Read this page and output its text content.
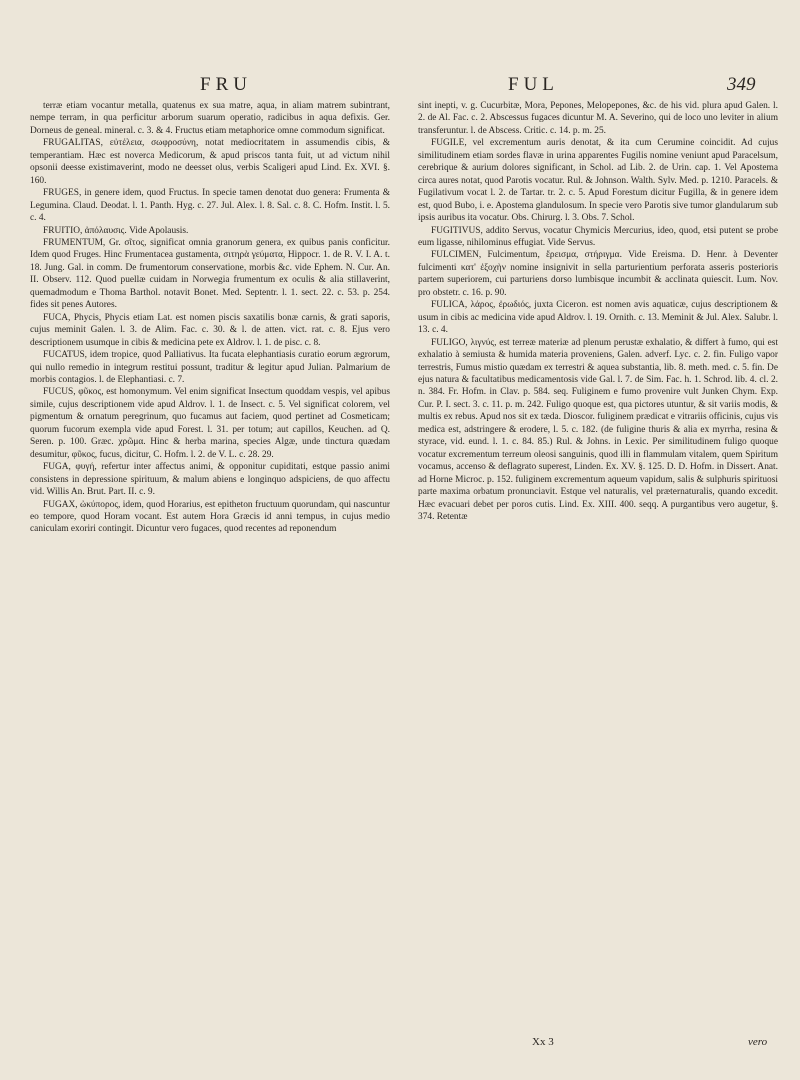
FRU	FUL	349

terræ etiam vocantur metalla, quatenus ex sua matre, aqua, in aliam matrem subintrant, nempe terram, in qua perficitur arborum suarum operatio, radicibus in aqua defixis. Ger. Dorneus de geneal. mineral. c. 3. & 4. Fructus etiam metaphorice omne commodum significat.

FRUGALITAS, εὐτέλεια, σωφροσύνη, notat mediocritatem in assumendis cibis, & temperantiam. Hæc est noverca Medicorum, & apud priscos tanta fuit, ut ad victum nihil opsonii deesse existimaverint, modo ne deesset olus, verbis Scaligeri apud Lind. Ex. XVI. §. 160.

FRUGES, in genere idem, quod Fructus. In specie tamen denotat duo genera: Frumenta & Legumina. Claud. Deodat. l. 1. Panth. Hyg. c. 27. Jul. Alex. l. 8. Sal. c. 8. C. Hofm. Instit. l. 5. c. 4.

FRUITIO, ἀπόλαυσις. Vide Apolausis.

FRUMENTUM, Gr. σῖτος, significat omnia granorum genera, ex quibus panis conficitur. Idem quod Fruges. Hinc Frumentacea gustamenta, σιτηρὰ γεύματα, Hippocr. 1. de R. V. I. A. t. 18. Jung. Gal. in comm. De frumentorum conservatione, morbis &c. vide Ephem. N. Cur. An. II. Observ. 112. Quod puellæ cuidam in Norwegia frumentum ex oculis & alia stillaverint, quemadmodum e Thoma Barthol. notavit Bonet. Med. Septentr. l. 1. sect. 22. c. 53. p. 254. fides sit penes Autores.

FUCA, Phycis, Phycis etiam Lat. est nomen piscis saxatilis bonæ carnis, & grati saporis, cujus meminit Galen. l. 3. de Alim. Fac. c. 30. & l. de atten. vict. rat. c. 8. Ejus vero descriptionem usumque in cibis & medicina pete ex Aldrov. l. 1. de pisc. c. 8.

FUCATUS, idem tropice, quod Palliativus. Ita fucata elephantiasis curatio eorum ægrorum, qui nullo remedio in integrum restitui possunt, traditur & legitur apud Julian. Palmarium de morbis contagios. l. de Elephantiasi. c. 7.

FUCUS, φῦκος, est homonymum. Vel enim significat Insectum quoddam vespis, vel apibus simile, cujus descriptionem vide apud Aldrov. l. 1. de Insect. c. 5. Vel significat colorem, vel pigmentum & ornatum peregrinum, quo fucamus aut faciem, quod pertinet ad Cosmeticam; quorum fucorum exempla vide apud Forest. l. 31. per totum; aut capillos, Keuchen. ad Q. Seren. p. 100. Græc. χρῶμα. Hinc & herba marina, species Algæ, unde tinctura quædam desumitur, φῦκος, fucus, dicitur, C. Hofm. l. 2. de V. L. c. 28. 29.

FUGA, φυγή, refertur inter affectus animi, & opponitur cupiditati, estque passio animi consistens in depressione spirituum, & malum abiens e longinquo adspiciens, de quo affectu vid. Willis An. Brut. Part. II. c. 9.

FUGAX, ὠκύπορος, idem, quod Horarius, est epitheton fructuum quorundam, qui nascuntur eo tempore, quod Horam vocant. Est autem Hora Græcis id anni tempus, in cujus medio caniculam exoriri contingit. Dicuntur vero fugaces, quod recentes ad reponendum

sint inepti, v. g. Cucurbitæ, Mora, Pepones, Melopepones, &c. de his vid. plura apud Galen. l. 2. de Al. Fac. c. 2. Abscessus fugaces dicuntur M. A. Severino, qui de loco uno leviter in alium transferuntur. l. de Abscess. Critic. c. 14. p. m. 25.

FUGILE, vel excrementum auris denotat, & ita cum Cerumine coincidit. Ad cujus similitudinem etiam sordes flavæ in urina apparentes Fugilis nomine veniunt apud Paracelsum, cerebrique & aurium dolores significant, in Schol. ad Lib. 2. de Urin. cap. 1. Vel Apostema circa aures notat, quod Parotis vocatur. Rul. & Johnson. Walth. Sylv. Med. p. 1210. Paracels. & Fugilativum vocat l. 2. de Tartar. tr. 2. c. 5. Apud Forestum dicitur Fugilla, & in genere idem est, quod Bubo, i. e. Apostema glandulosum. In specie vero Parotis sive tumor glandularum sub ipsis auribus ita vocatur. Obs. Chirurg. l. 3. Obs. 7. Schol.

FUGITIVUS, addito Servus, vocatur Chymicis Mercurius, ideo, quod, etsi putent se probe eum ligasse, nihilominus effugiat. Vide Servus.

FULCIMEN, Fulcimentum, ἔρεισμα, στήριγμα. Vide Ereisma. D. Henr. à Deventer fulcimenti κατ' ἐξοχὴν nomine insignivit in sella parturientium perforata asseris posterioris partem superiorem, cui parturiens dorso lumbisque incumbit & acclinata quiescit. Lum. Nov. pro obstetr. c. 16. p. 90.

FULICA, λάρος, ἐρωδιός, juxta Ciceron. est nomen avis aquaticæ, cujus descriptionem & usum in cibis ac medicina vide apud Aldrov. l. 19. Ornith. c. 13. Meminit & Jul. Alex. Salubr. l. 13. c. 4.

FULIGO, λιγνύς, est terreæ materiæ ad plenum perustæ exhalatio, & differt à fumo, qui est exhalatio à semiusta & humida materia proveniens, Galen. adverf. Lyc. c. 2. fin. Fuligo vapor terrestris, Fumus mistio quædam ex terrestri & aquea substantia, lib. 8. meth. med. c. 5. fin. De ejus natura & facultatibus medicamentosis vide Gal. l. 7. de Sim. Fac. h. 1. Schrod. lib. 4. cl. 2. n. 384. Fr. Hofm. in Clav. p. 584. seq. Fuliginem e fumo provenire vult Junken Chym. Exp. Cur. P. I. sect. 3. c. 11. p. m. 242. Fuligo quoque est, qua pictores utuntur, & sit variis modis, & multis ex rebus. Apud nos sit ex tæda. Dioscor. fuliginem prædicat e vitrariis officinis, cujus vis medica est, adstringere & erodere, l. 5. c. 182. (de fuligine thuris & alia ex myrrha, resina & styrace, vid. eund. l. 1. c. 84. 85.) Rul. & Johns. in Lexic. Per similitudinem fuligo quoque vocatur excrementum terreum oleosi sanguinis, quod illi in flammulam vitalem, quem Spiritum vocamus, accenso & deflagrato superest, Linden. Ex. XV. §. 125. D. D. Hofm. in Dissert. Anat. ad Horne Microc. p. 152. fuliginem excrementum aqueum vapidum, salis & sulphuris spirituosi parte maxima orbatum pronunciavit. Estque vel naturalis, vel præternaturalis, quando excedit. Hæc evacuari debet per poros cutis. Lind. Ex. XIII. 400. seqq. A purgantibus vero augetur, §. 374. Retentæ

Xx 3	vero
